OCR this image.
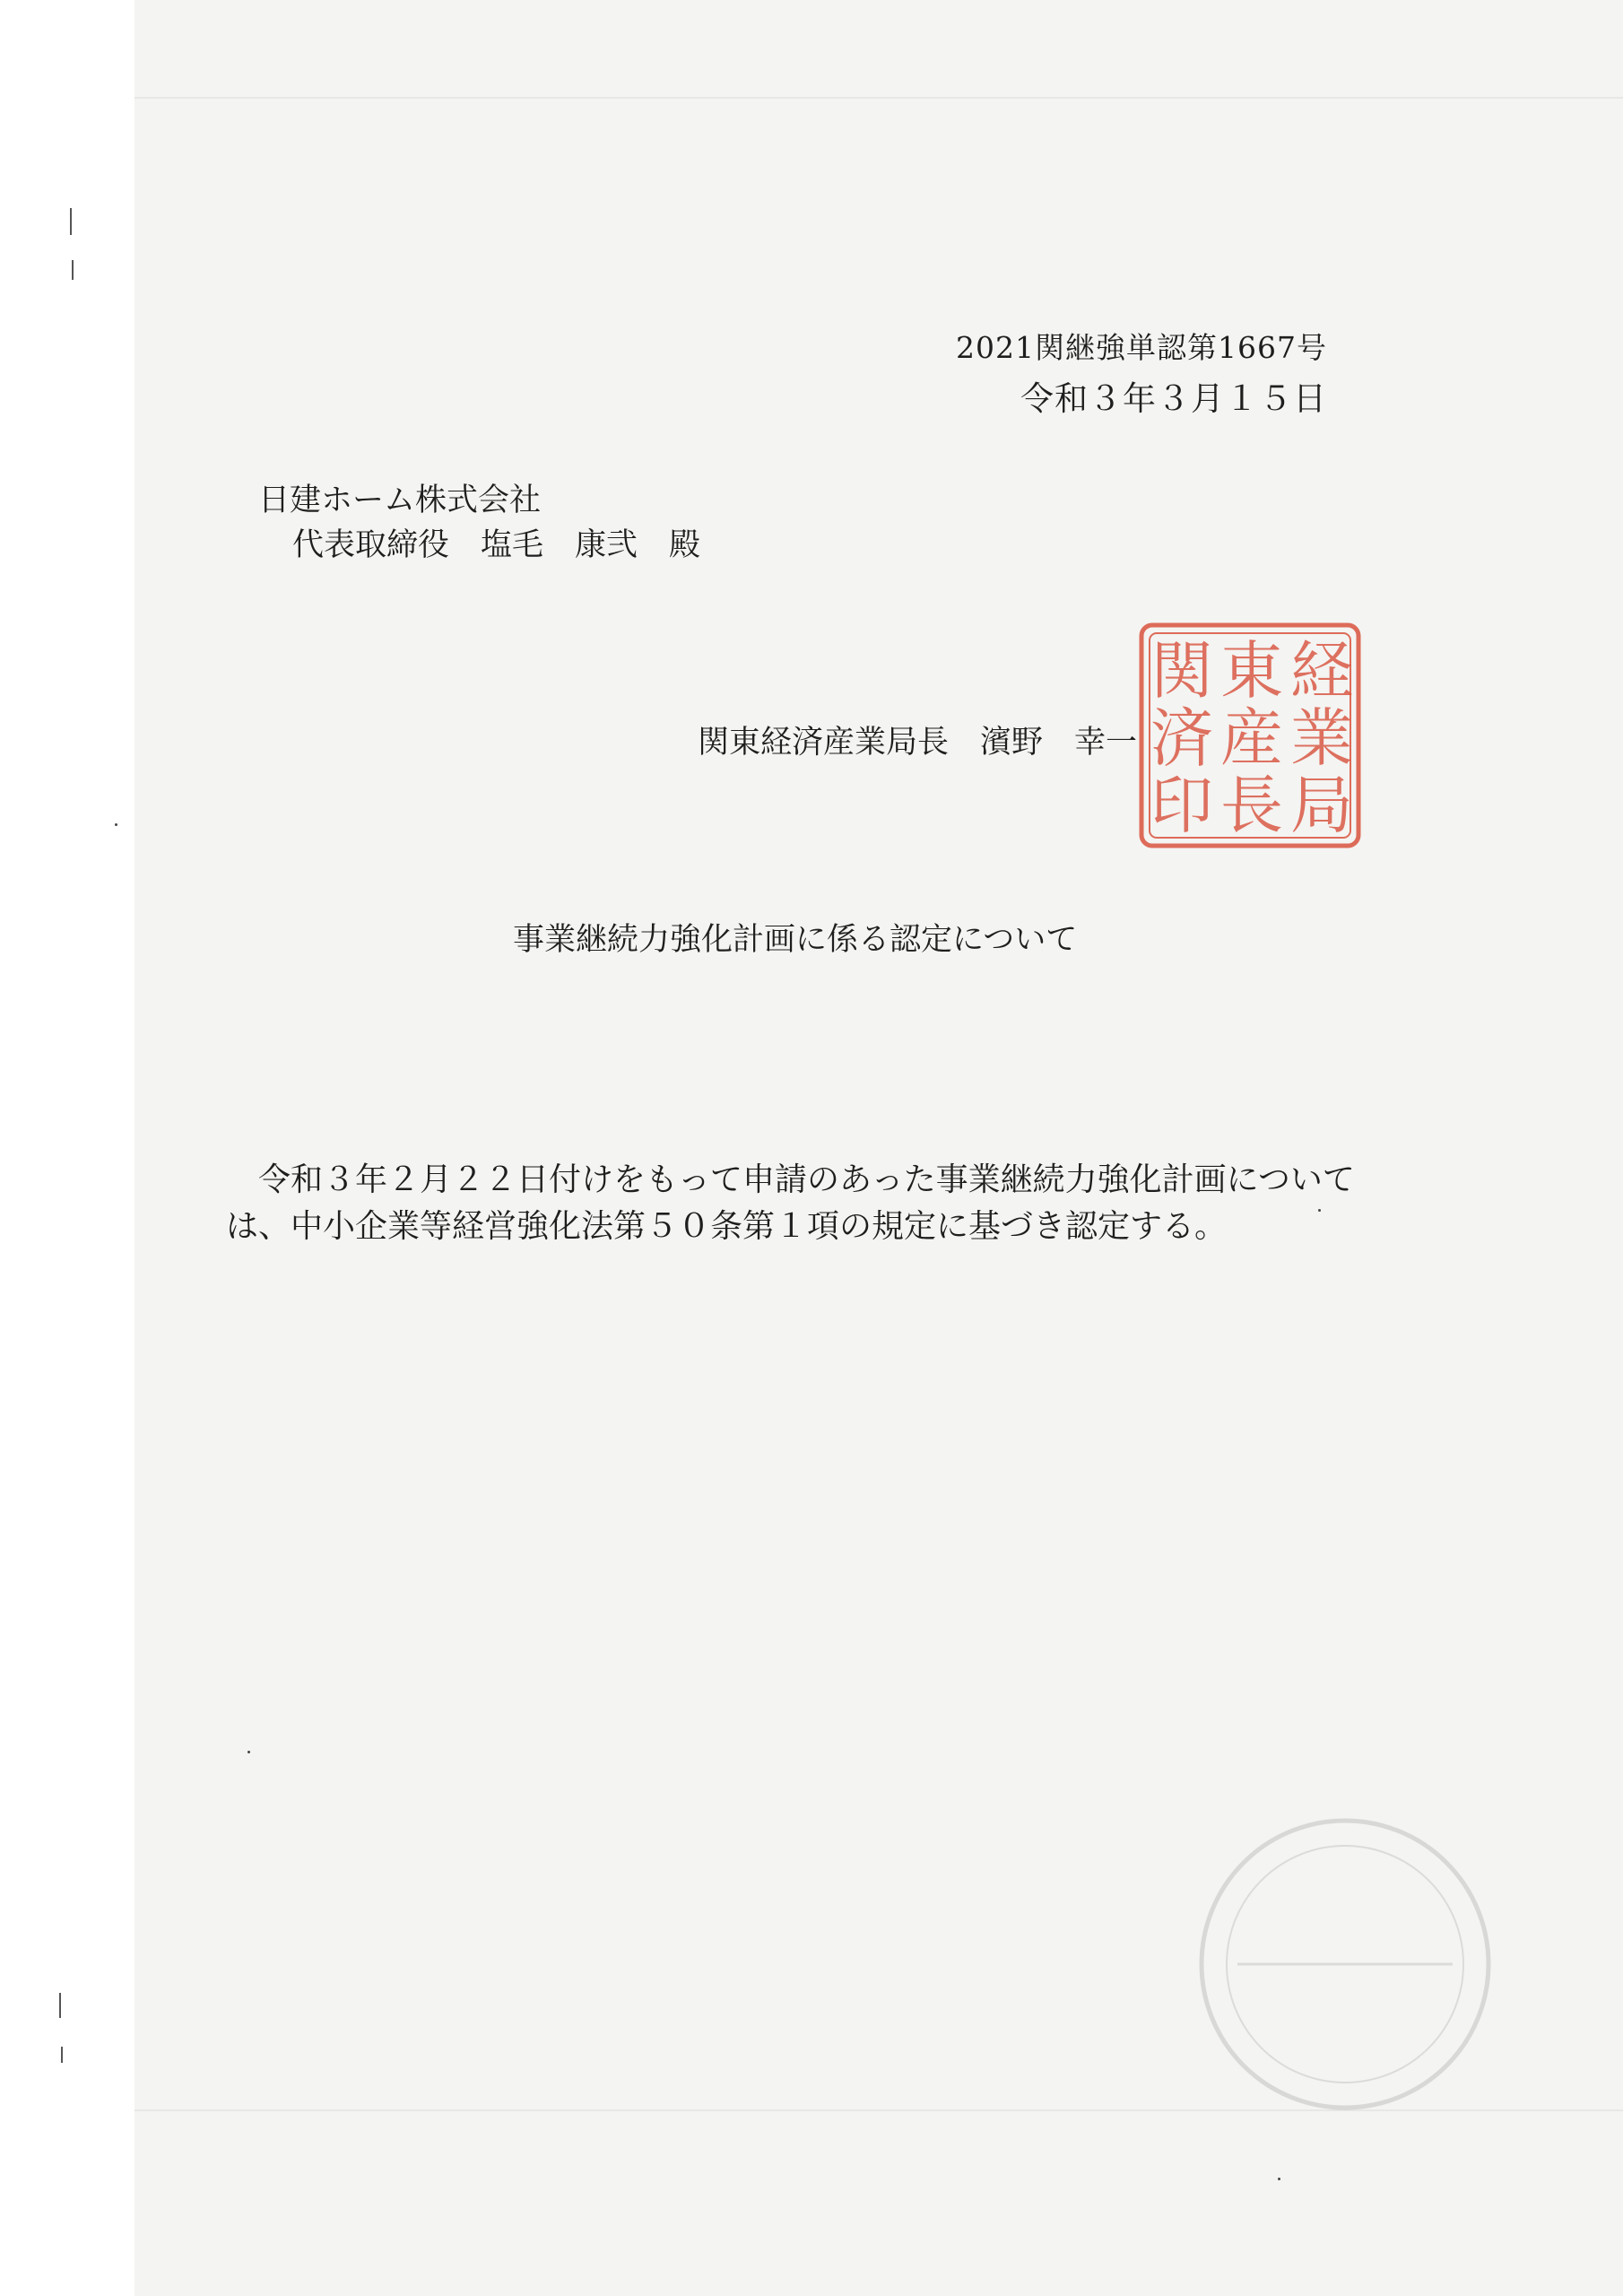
2021関継強単認第1667号
令和３年３月１５日
日建ホーム株式会社
代表取締役　塩毛　康弐　殿
関東経済産業局長　濱野　幸一
事業継続力強化計画に係る認定について
　令和３年２月２２日付けをもって申請のあった事業継続力強化計画について
は、中小企業等経営強化法第５０条第１項の規定に基づき認定する。
経
業
局
東
産
長
関
済
印
